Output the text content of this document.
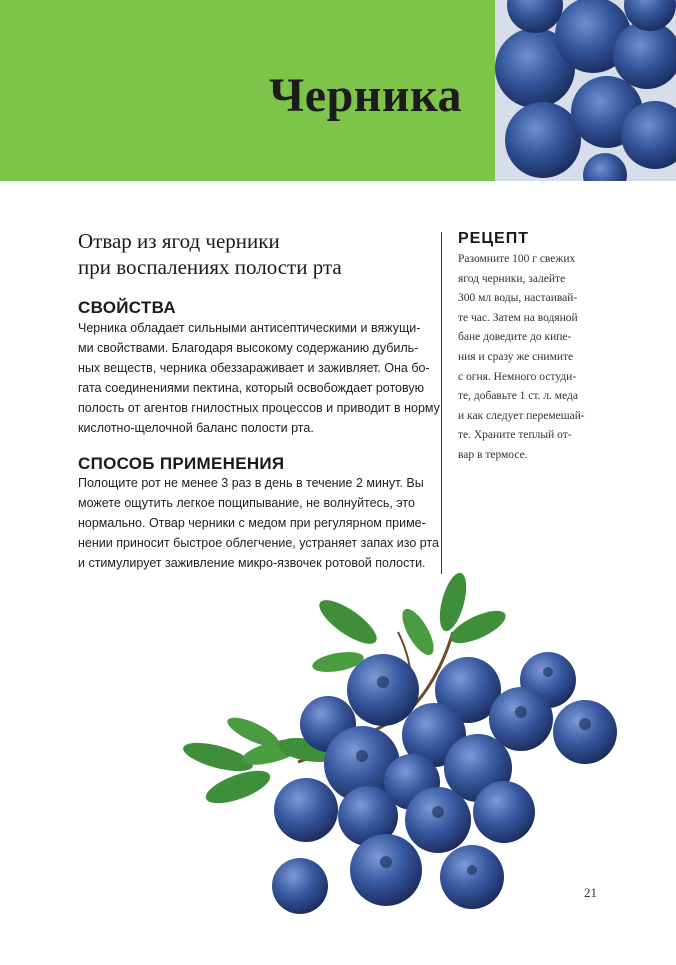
Черника
Отвар из ягод черники
при воспалениях полости рта
СВОЙСТВА
Черника обладает сильными антисептическими и вяжущи-
ми свойствами. Благодаря высокому содержанию дубиль-
ных веществ, черника обеззараживает и заживляет. Она бо-
гата соединениями пектина, который освобождает ротовую
полость от агентов гнилостных процессов и приводит в норму
кислотно-щелочной баланс полости рта.
СПОСОБ ПРИМЕНЕНИЯ
Полощите рот не менее 3 раз в день в течение 2 минут. Вы
можете ощутить легкое пощипывание, не волнуйтесь, это
нормально. Отвар черники с медом при регулярном приме-
нении приносит быстрое облегчение, устраняет запах изо рта
и стимулирует заживление микро-язвочек ротовой полости.
РЕЦЕПТ
Разомните 100 г свежих
ягод черники, залейте
300 мл воды, настаивай-
те час. Затем на водяной
бане доведите до кипе-
ния и сразу же снимите
с огня. Немного остуди-
те, добавьте 1 ст. л. меда
и как следует перемешай-
те. Храните теплый от-
вар в термосе.
21
